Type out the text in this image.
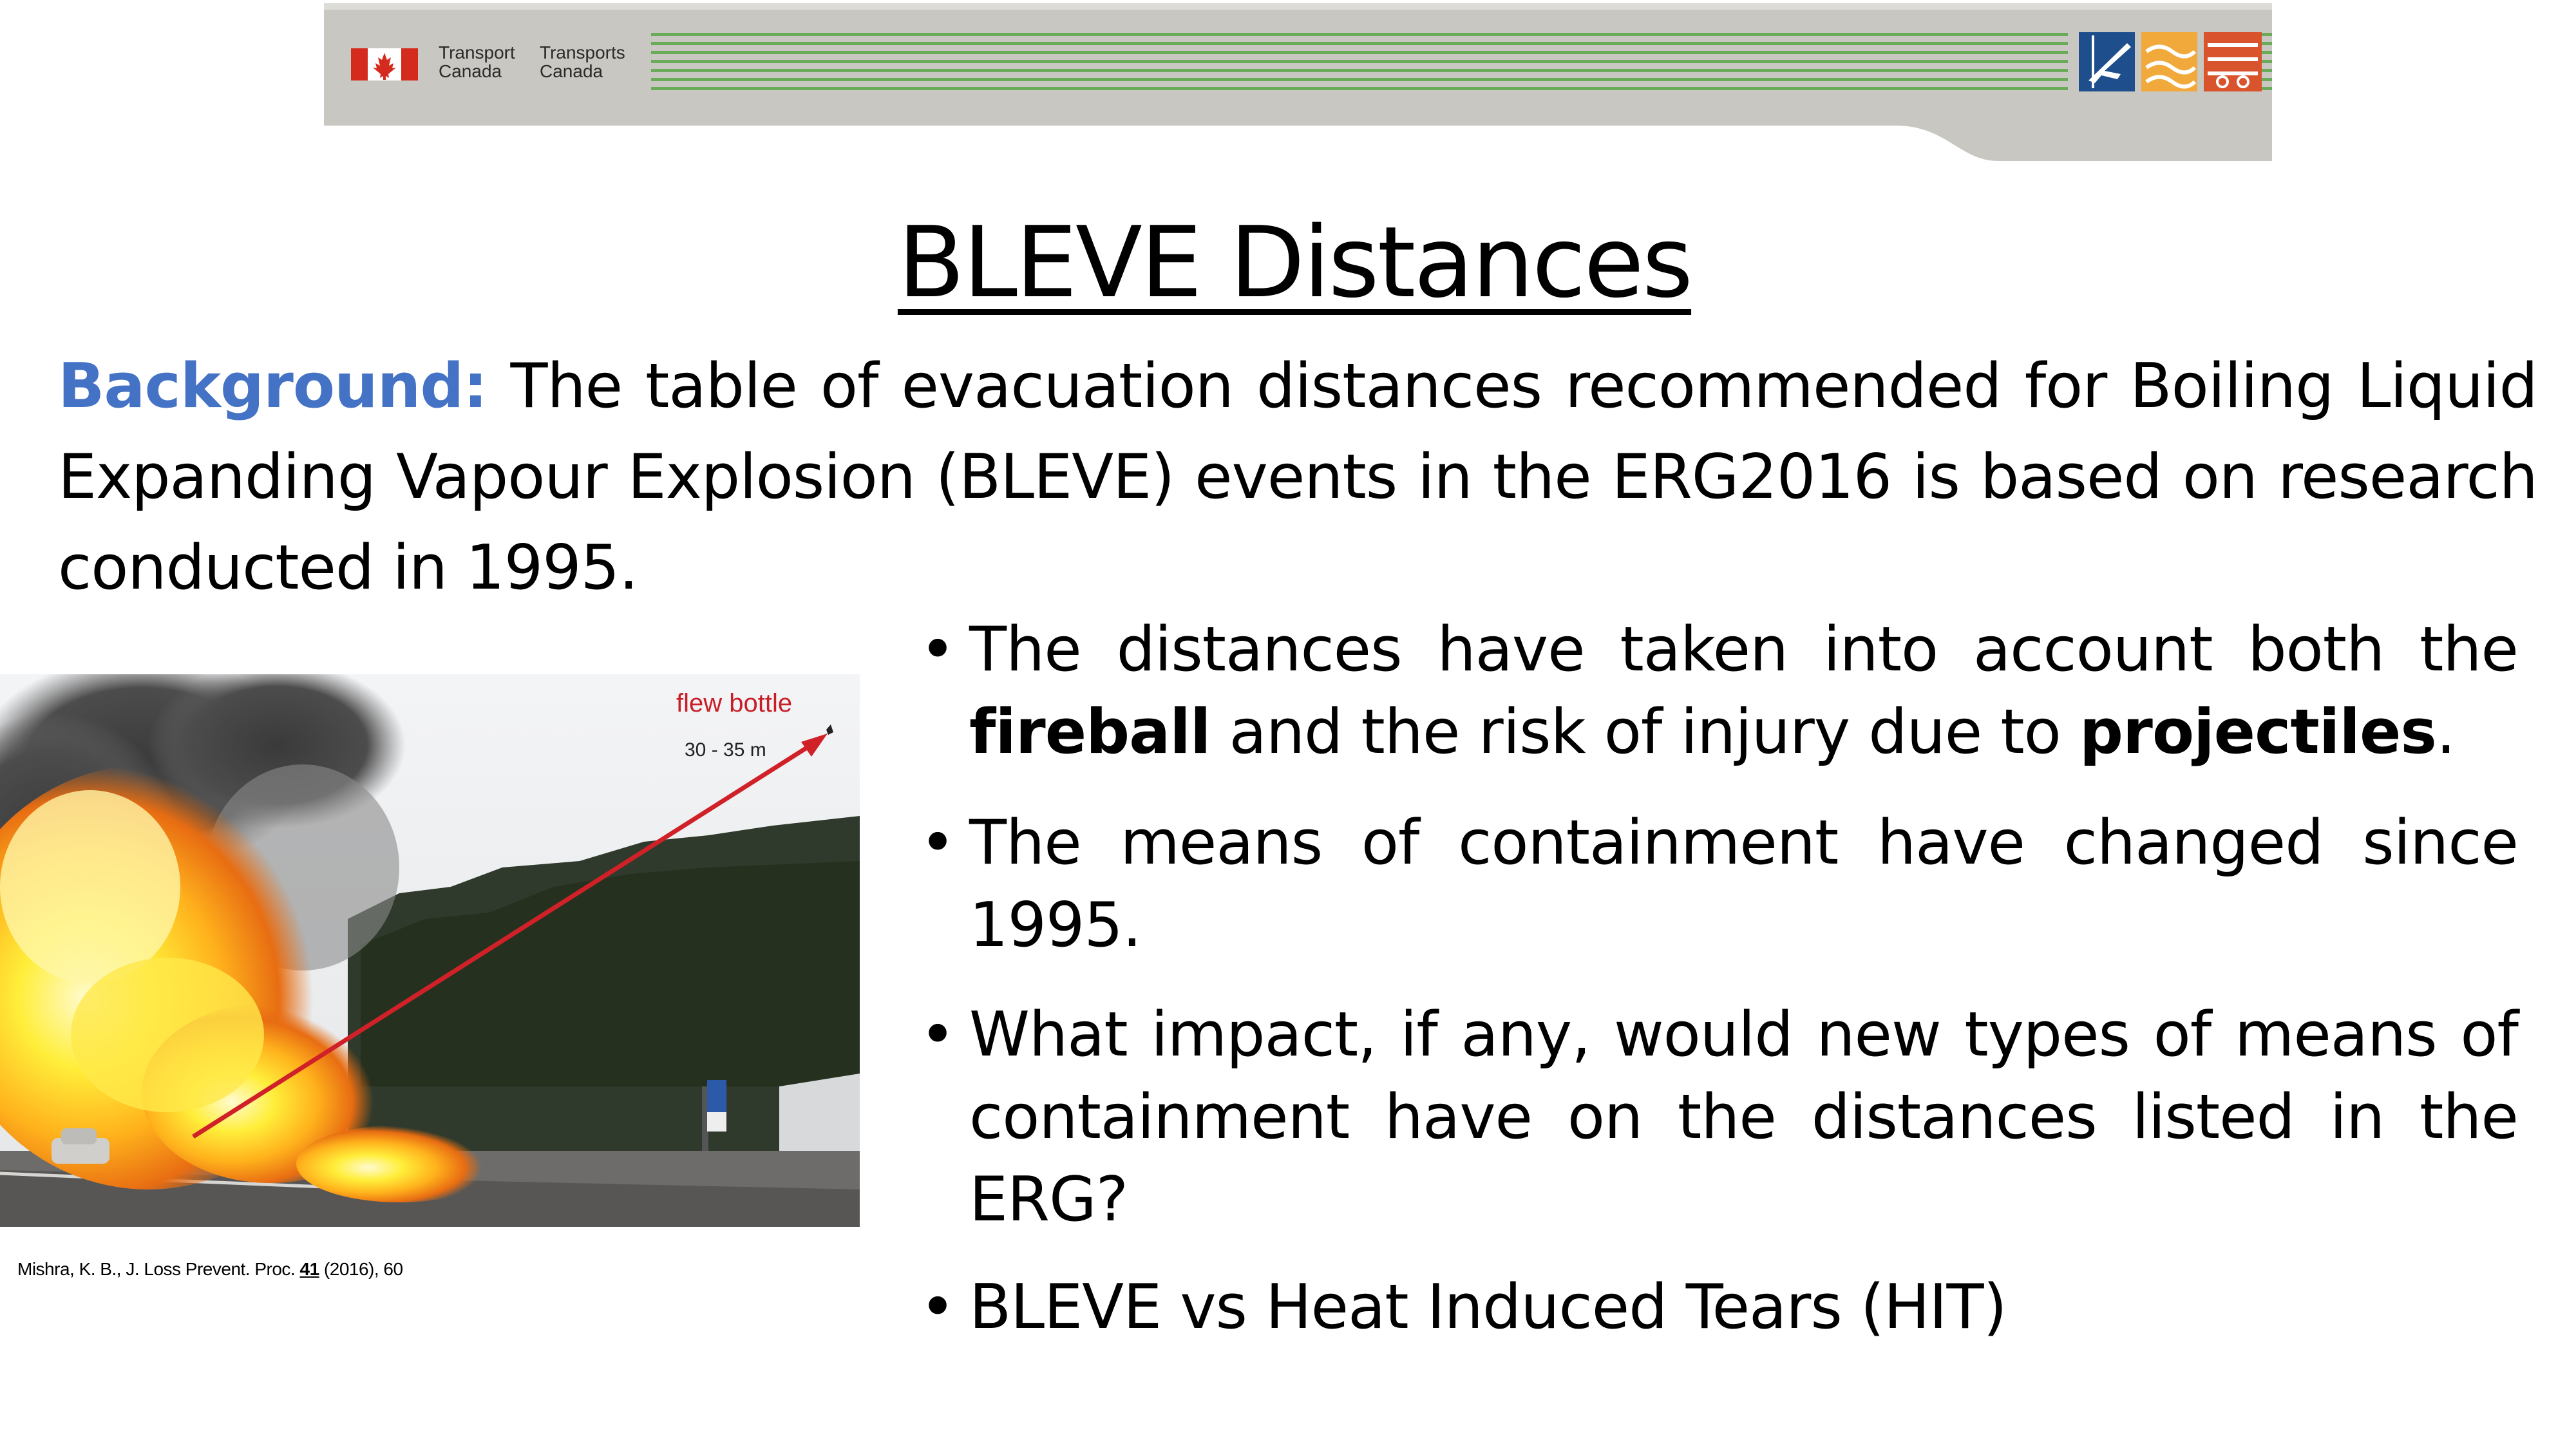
Transport
Canada
Transports
Canada
BLEVE Distances
Background: The table of evacuation distances recommended for Boiling Liquid Expanding Vapour Explosion (BLEVE) events in the ERG2016 is based on research conducted in 1995.
flew bottle
30 - 35 m
Mishra, K. B., J. Loss Prevent. Proc. 41 (2016), 60
• The distances have taken into account both the fireball and the risk of injury due to projectiles.
• The means of containment have changed since 1995.
• What impact, if any, would new types of means of containment have on the distances listed in the ERG?
• BLEVE vs Heat Induced Tears (HIT)
